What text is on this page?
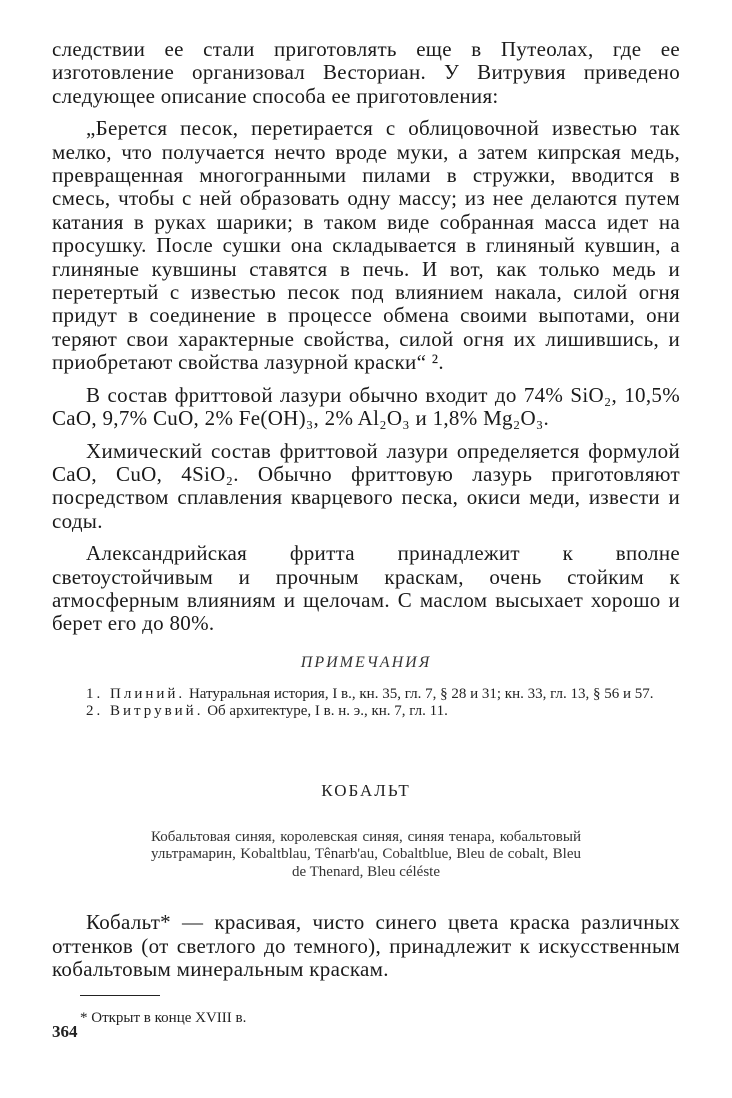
следствии ее стали приготовлять еще в Путеолах, где ее изготовление организовал Весториан. У Витрувия приведено следующее описание способа ее приготовления:

„Берется песок, перетирается с облицовочной известью так мелко, что получается нечто вроде муки, а затем кипрская медь, превращенная многогранными пилами в стружки, вводится в смесь, чтобы с ней образовать одну массу; из нее делаются путем катания в руках шарики; в таком виде собранная масса идет на просушку. После сушки она складывается в глиняный кувшин, а глиняные кувшины ставятся в печь. И вот, как только медь и перетертый с известью песок под влиянием накала, силой огня придут в соединение в процессе обмена своими выпотами, они теряют свои характерные свойства, силой огня их лишившись, и приобретают свойства лазурной краски“ ².

В состав фриттовой лазури обычно входит до 74% SiO₂, 10,5% CaO, 9,7% CuO, 2% Fe(OH)₃, 2% Al₂O₃ и 1,8% Mg₂O₃.

Химический состав фриттовой лазури определяется формулой CaO, CuO, 4SiO₂. Обычно фриттовую лазурь приготовляют посредством сплавления кварцевого песка, окиси меди, извести и соды.

Александрийская фритта принадлежит к вполне светоустойчивым и прочным краскам, очень стойким к атмосферным влияниям и щелочам. С маслом высыхает хорошо и берет его до 80%.

ПРИМЕЧАНИЯ

1. Плиний. Натуральная история, I в., кн. 35, гл. 7, § 28 и 31; кн. 33, гл. 13, § 56 и 57.

2. Витрувий. Об архитектуре, I в. н. э., кн. 7, гл. 11.

КОБАЛЬТ

Кобальтовая синяя, королевская синяя, синяя тенара, кобальтовый ультрамарин, Kobaltblau, Tênarb'au, Cobaltblue, Bleu de cobalt, Bleu de Thenard, Bleu céléste

Кобальт* — красивая, чисто синего цвета краска различных оттенков (от светлого до темного), принадлежит к искусственным кобальтовым минеральным краскам.

* Открыт в конце XVIII в.

364
